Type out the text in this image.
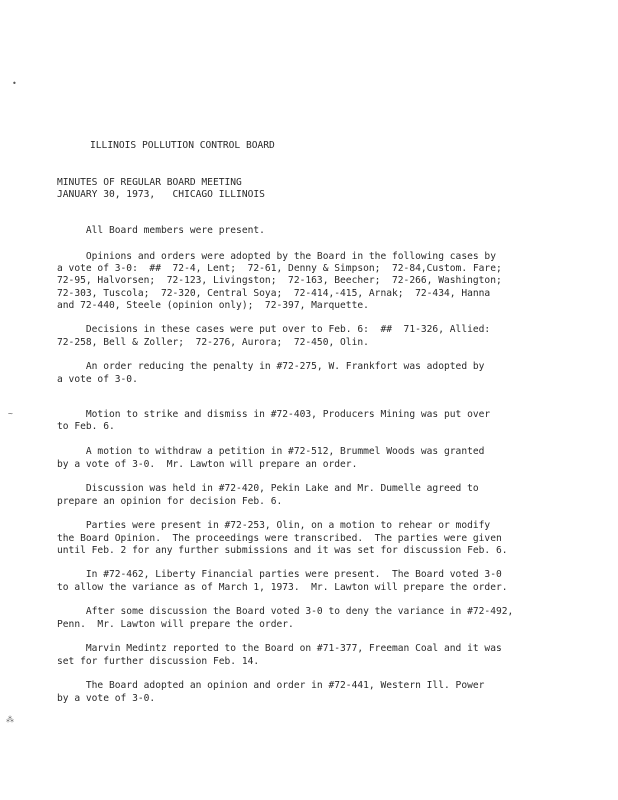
•
~
⁂
ILLINOIS POLLUTION CONTROL BOARD
MINUTES OF REGULAR BOARD MEETING
JANUARY 30, 1973,   CHICAGO ILLINOIS
All Board members were present.
Opinions and orders were adopted by the Board in the following cases by
a vote of 3-0:  ##  72-4, Lent;  72-61, Denny & Simpson;  72-84,Custom. Fare;
72-95, Halvorsen;  72-123, Livingston;  72-163, Beecher;  72-266, Washington;
72-303, Tuscola;  72-320, Central Soya;  72-414,-415, Arnak;  72-434, Hanna
and 72-440, Steele (opinion only);  72-397, Marquette.
Decisions in these cases were put over to Feb. 6:  ##  71-326, Allied:
72-258, Bell & Zoller;  72-276, Aurora;  72-450, Olin.
An order reducing the penalty in #72-275, W. Frankfort was adopted by
a vote of 3-0.
Motion to strike and dismiss in #72-403, Producers Mining was put over
to Feb. 6.
A motion to withdraw a petition in #72-512, Brummel Woods was granted
by a vote of 3-0.  Mr. Lawton will prepare an order.
Discussion was held in #72-420, Pekin Lake and Mr. Dumelle agreed to
prepare an opinion for decision Feb. 6.
Parties were present in #72-253, Olin, on a motion to rehear or modify
the Board Opinion.  The proceedings were transcribed.  The parties were given
until Feb. 2 for any further submissions and it was set for discussion Feb. 6.
In #72-462, Liberty Financial parties were present.  The Board voted 3-0
to allow the variance as of March 1, 1973.  Mr. Lawton will prepare the order.
After some discussion the Board voted 3-0 to deny the variance in #72-492,
Penn.  Mr. Lawton will prepare the order.
Marvin Medintz reported to the Board on #71-377, Freeman Coal and it was
set for further discussion Feb. 14.
The Board adopted an opinion and order in #72-441, Western Ill. Power
by a vote of 3-0.
